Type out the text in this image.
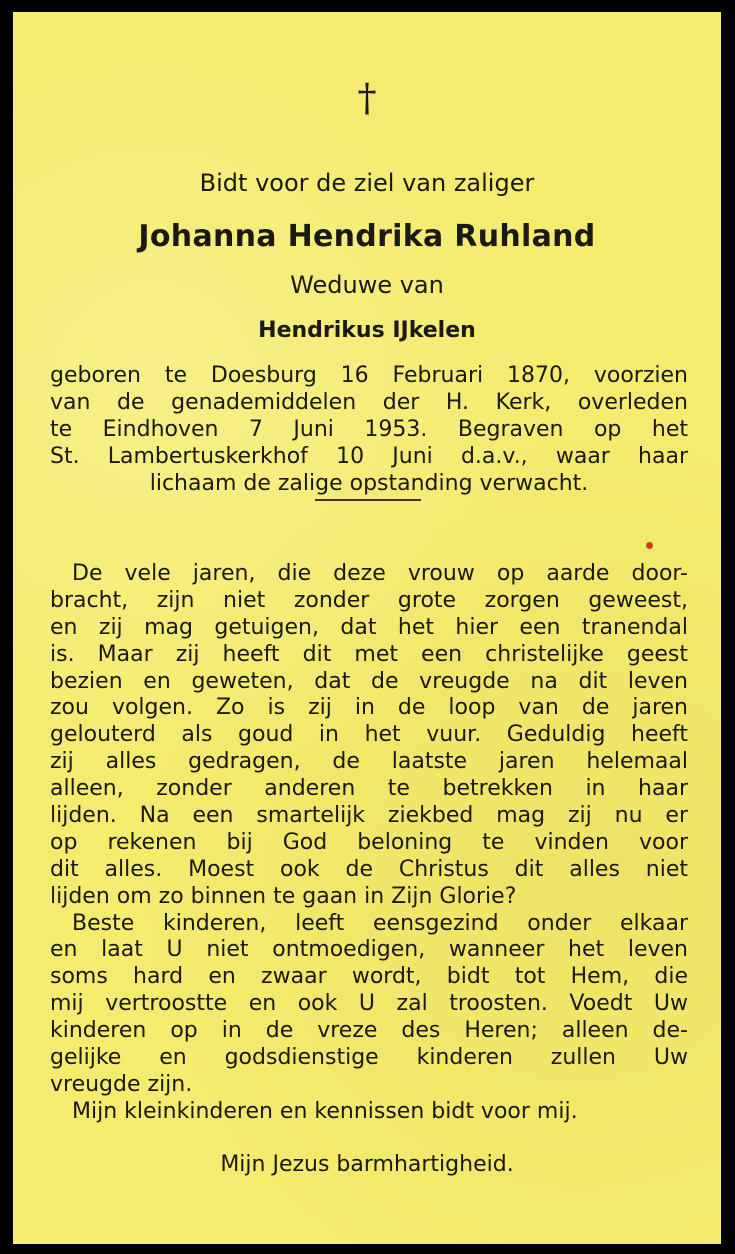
†
Bidt voor de ziel van zaliger
Johanna Hendrika Ruhland
Weduwe van
Hendrikus IJkelen
geboren te Doesburg 16 Februari 1870, voorzien
van de genademiddelen der H. Kerk, overleden
te Eindhoven 7 Juni 1953. Begraven op het
St. Lambertuskerkhof 10 Juni d.a.v., waar haar
lichaam de zalige opstanding verwacht.
De vele jaren, die deze vrouw op aarde door-
bracht, zijn niet zonder grote zorgen geweest,
en zij mag getuigen, dat het hier een tranendal
is. Maar zij heeft dit met een christelijke geest
bezien en geweten, dat de vreugde na dit leven
zou volgen. Zo is zij in de loop van de jaren
gelouterd als goud in het vuur. Geduldig heeft
zij alles gedragen, de laatste jaren helemaal
alleen, zonder anderen te betrekken in haar
lijden. Na een smartelijk ziekbed mag zij nu er
op rekenen bij God beloning te vinden voor
dit alles. Moest ook de Christus dit alles niet
lijden om zo binnen te gaan in Zijn Glorie?
Beste kinderen, leeft eensgezind onder elkaar
en laat U niet ontmoedigen, wanneer het leven
soms hard en zwaar wordt, bidt tot Hem, die
mij vertroostte en ook U zal troosten. Voedt Uw
kinderen op in de vreze des Heren; alleen de-
gelijke en godsdienstige kinderen zullen Uw
vreugde zijn.
Mijn kleinkinderen en kennissen bidt voor mij.
Mijn Jezus barmhartigheid.
